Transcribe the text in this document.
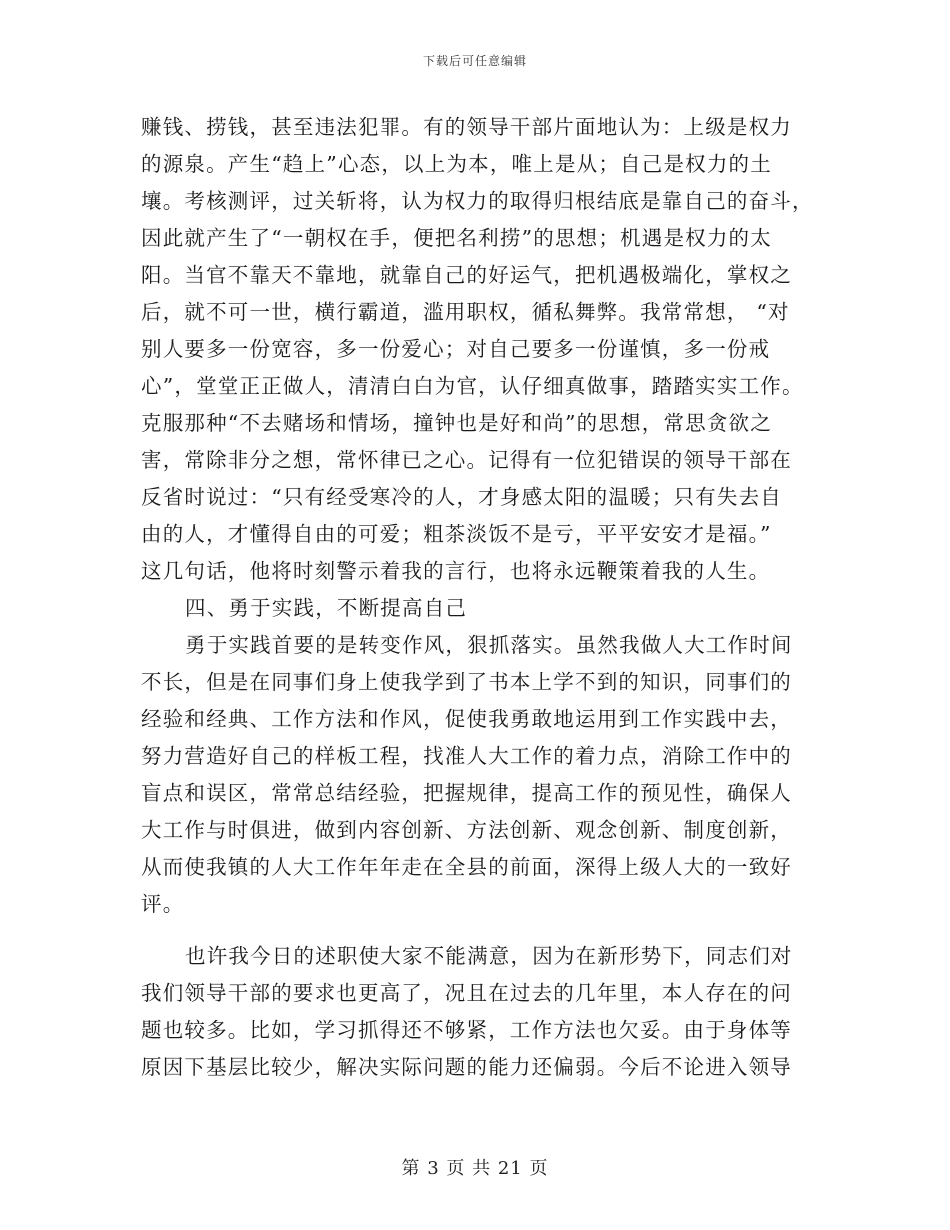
下载后可任意编辑
赚钱、捞钱，甚至违法犯罪。有的领导干部片面地认为：上级是权力
的源泉。产生“趋上”心态，以上为本，唯上是从；自己是权力的土
壤。考核测评，过关斩将，认为权力的取得归根结底是靠自己的奋斗，
因此就产生了“一朝权在手，便把名利捞”的思想；机遇是权力的太
阳。当官不靠天不靠地，就靠自己的好运气，把机遇极端化，掌权之
后，就不可一世，横行霸道，滥用职权，循私舞弊。我常常想， “对
别人要多一份宽容，多一份爱心；对自己要多一份谨慎，多一份戒
心”，堂堂正正做人，清清白白为官，认仔细真做事，踏踏实实工作。
克服那种“不去赌场和情场，撞钟也是好和尚”的思想，常思贪欲之
害，常除非分之想，常怀律已之心。记得有一位犯错误的领导干部在
反省时说过：“只有经受寒冷的人，才身感太阳的温暖；只有失去自
由的人，才懂得自由的可爱；粗茶淡饭不是亏，平平安安才是福。”
这几句话，他将时刻警示着我的言行，也将永远鞭策着我的人生。
四、勇于实践，不断提高自己
勇于实践首要的是转变作风，狠抓落实。虽然我做人大工作时间
不长，但是在同事们身上使我学到了书本上学不到的知识，同事们的
经验和经典、工作方法和作风，促使我勇敢地运用到工作实践中去，
努力营造好自己的样板工程，找准人大工作的着力点，消除工作中的
盲点和误区，常常总结经验，把握规律，提高工作的预见性，确保人
大工作与时俱进，做到内容创新、方法创新、观念创新、制度创新，
从而使我镇的人大工作年年走在全县的前面，深得上级人大的一致好
评。
也许我今日的述职使大家不能满意，因为在新形势下，同志们对
我们领导干部的要求也更高了，况且在过去的几年里，本人存在的问
题也较多。比如，学习抓得还不够紧，工作方法也欠妥。由于身体等
原因下基层比较少，解决实际问题的能力还偏弱。今后不论进入领导
第 3 页 共 21 页
